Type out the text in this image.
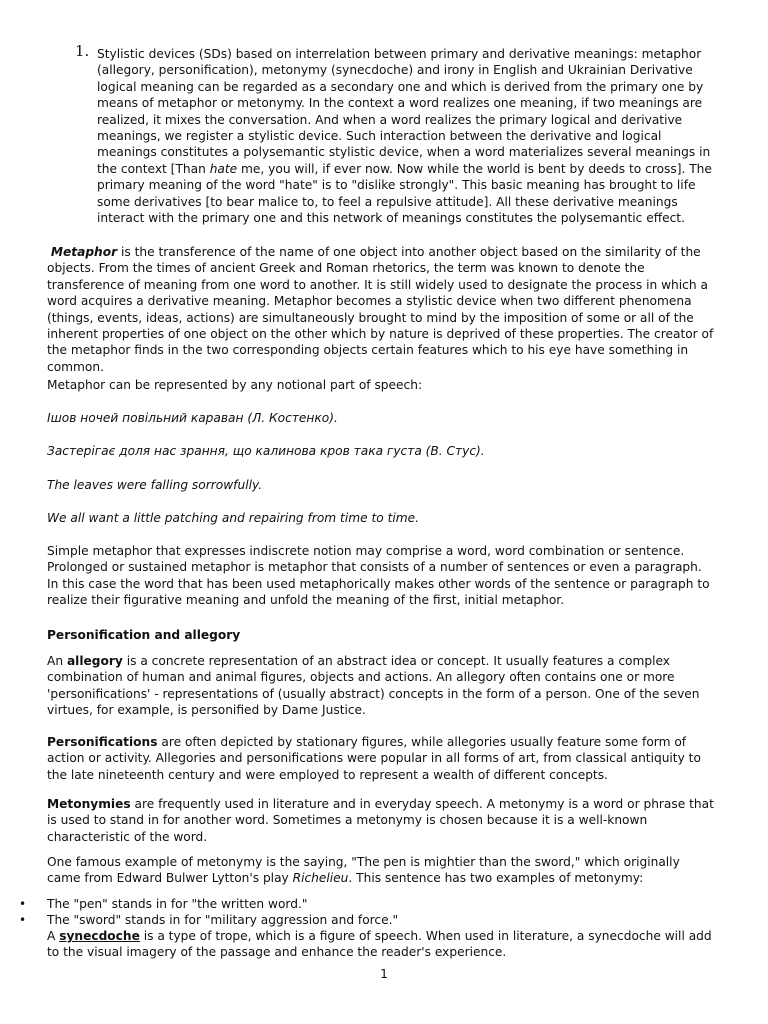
1. Stylistic devices (SDs) based on interrelation between primary and derivative meanings: metaphor (allegory, personification), metonymy (synecdoche) and irony in English and Ukrainian Derivative logical meaning can be regarded as a secondary one and which is derived from the primary one by means of metaphor or metonymy. In the context a word realizes one meaning, if two meanings are realized, it mixes the conversation. And when a word realizes the primary logical and derivative meanings, we register a stylistic device. Such interaction between the derivative and logical meanings constitutes a polysemantic stylistic device, when a word materializes several meanings in the context [Than hate me, you will, if ever now. Now while the world is bent by deeds to cross]. The primary meaning of the word "hate" is to "dislike strongly". This basic meaning has brought to life some derivatives [to bear malice to, to feel a repulsive attitude]. All these derivative meanings interact with the primary one and this network of meanings constitutes the polysemantic effect.

Metaphor is the transference of the name of one object into another object based on the similarity of the objects. From the times of ancient Greek and Roman rhetorics, the term was known to denote the transference of meaning from one word to another. It is still widely used to designate the process in which a word acquires a derivative meaning. Metaphor becomes a stylistic device when two different phenomena (things, events, ideas, actions) are simultaneously brought to mind by the imposition of some or all of the inherent properties of one object on the other which by nature is deprived of these properties. The creator of the metaphor finds in the two corresponding objects certain features which to his eye have something in common.

Metaphor can be represented by any notional part of speech:

Ішов ночей повільний караван (Л. Костенко).

Застерігає доля нас зрання, що калинова кров така густа (В. Стус).

The leaves were falling sorrowfully.

We all want a little patching and repairing from time to time.

Simple metaphor that expresses indiscrete notion may comprise a word, word combination or sentence. Prolonged or sustained metaphor is metaphor that consists of a number of sentences or even a paragraph. In this case the word that has been used metaphorically makes other words of the sentence or paragraph to realize their figurative meaning and unfold the meaning of the first, initial metaphor.

Personification and allegory

An allegory is a concrete representation of an abstract idea or concept. It usually features a complex combination of human and animal figures, objects and actions. An allegory often contains one or more 'personifications' - representations of (usually abstract) concepts in the form of a person. One of the seven virtues, for example, is personified by Dame Justice.

Personifications are often depicted by stationary figures, while allegories usually feature some form of action or activity. Allegories and personifications were popular in all forms of art, from classical antiquity to the late nineteenth century and were employed to represent a wealth of different concepts.

Metonymies are frequently used in literature and in everyday speech. A metonymy is a word or phrase that is used to stand in for another word. Sometimes a metonymy is chosen because it is a well-known characteristic of the word.

One famous example of metonymy is the saying, "The pen is mightier than the sword," which originally came from Edward Bulwer Lytton's play Richelieu. This sentence has two examples of metonymy:

• The "pen" stands in for "the written word."
• The "sword" stands in for "military aggression and force."

A synecdoche is a type of trope, which is a figure of speech. When used in literature, a synecdoche will add to the visual imagery of the passage and enhance the reader's experience.

1
